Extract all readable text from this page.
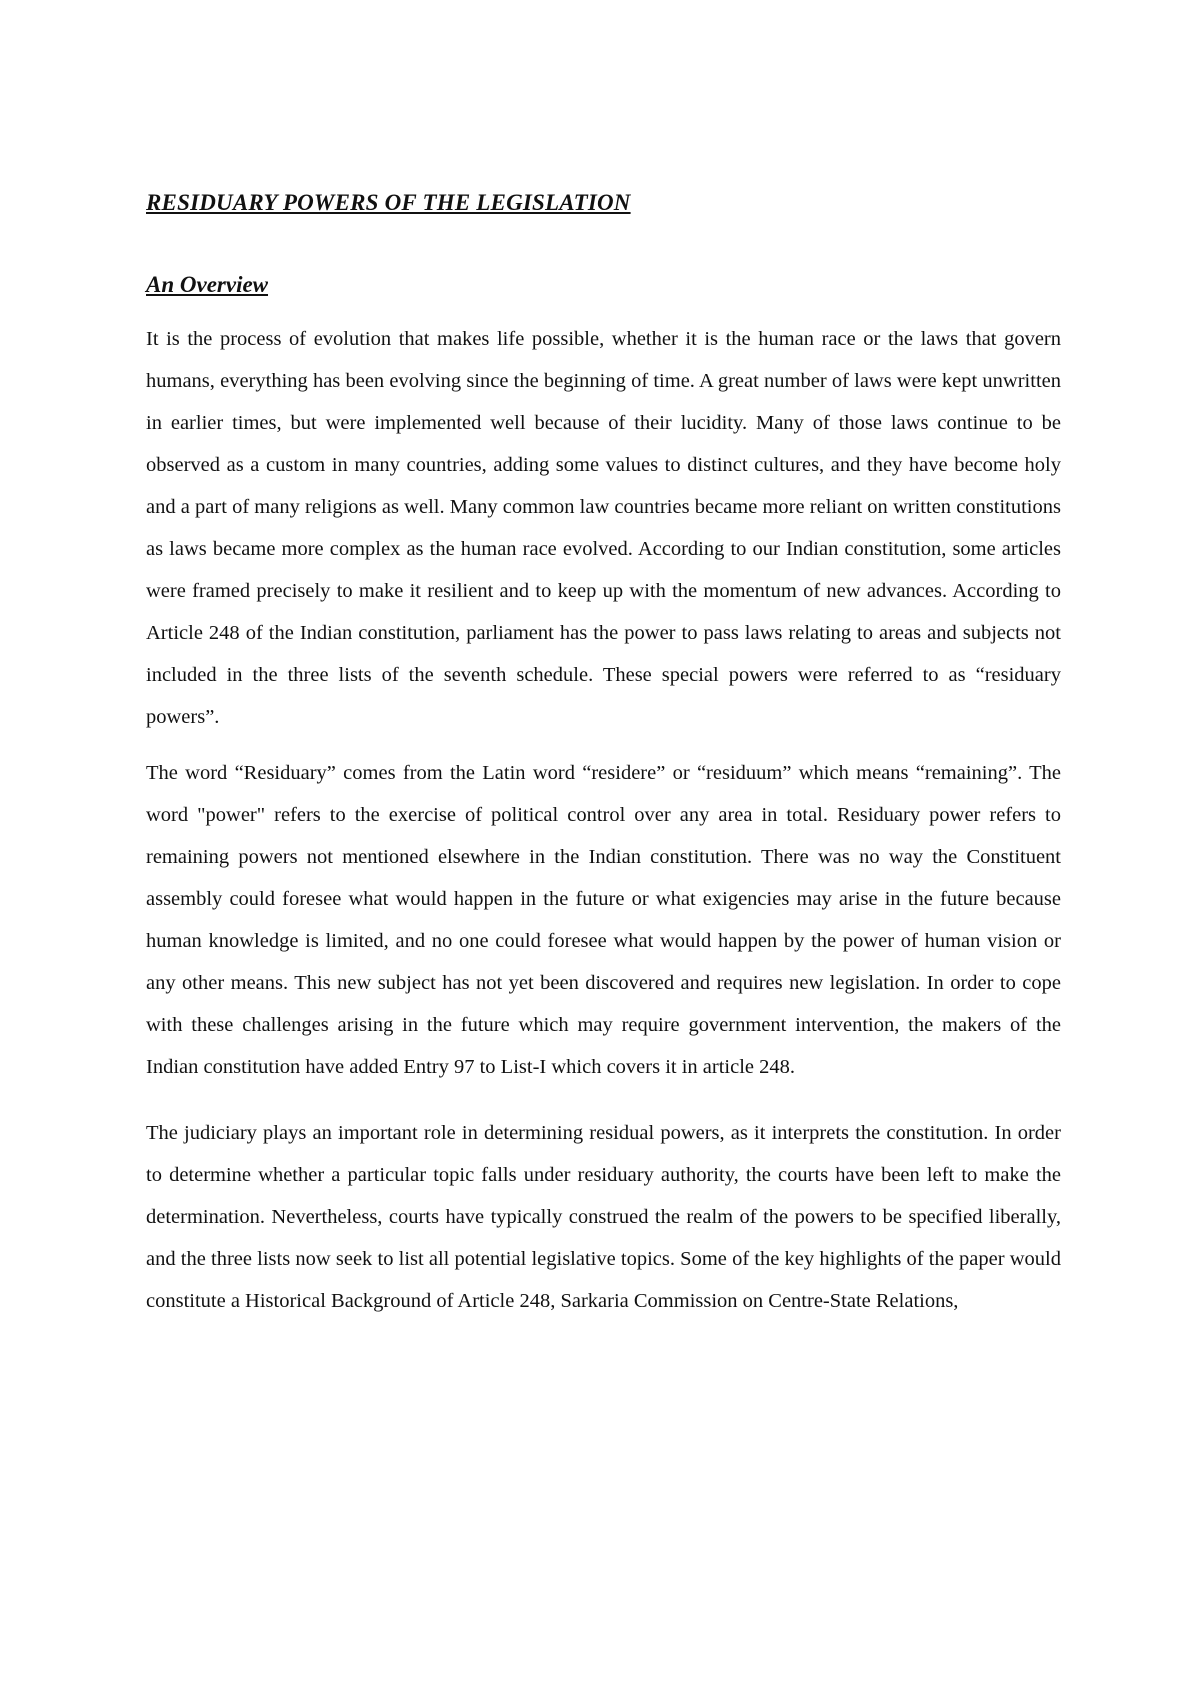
RESIDUARY POWERS OF THE LEGISLATION
An Overview

It is the process of evolution that makes life possible, whether it is the human race or the laws that govern humans, everything has been evolving since the beginning of time. A great number of laws were kept unwritten in earlier times, but were implemented well because of their lucidity. Many of those laws continue to be observed as a custom in many countries, adding some values to distinct cultures, and they have become holy and a part of many religions as well. Many common law countries became more reliant on written constitutions as laws became more complex as the human race evolved. According to our Indian constitution, some articles were framed precisely to make it resilient and to keep up with the momentum of new advances. According to Article 248 of the Indian constitution, parliament has the power to pass laws relating to areas and subjects not included in the three lists of the seventh schedule. These special powers were referred to as “residuary powers”.

The word “Residuary” comes from the Latin word “residere” or “residuum” which means “remaining”. The word "power" refers to the exercise of political control over any area in total. Residuary power refers to remaining powers not mentioned elsewhere in the Indian constitution. There was no way the Constituent assembly could foresee what would happen in the future or what exigencies may arise in the future because human knowledge is limited, and no one could foresee what would happen by the power of human vision or any other means. This new subject has not yet been discovered and requires new legislation. In order to cope with these challenges arising in the future which may require government intervention, the makers of the Indian constitution have added Entry 97 to List-I which covers it in article 248.

The judiciary plays an important role in determining residual powers, as it interprets the constitution. In order to determine whether a particular topic falls under residuary authority, the courts have been left to make the determination. Nevertheless, courts have typically construed the realm of the powers to be specified liberally, and the three lists now seek to list all potential legislative topics. Some of the key highlights of the paper would constitute a Historical Background of Article 248, Sarkaria Commission on Centre-State Relations,
